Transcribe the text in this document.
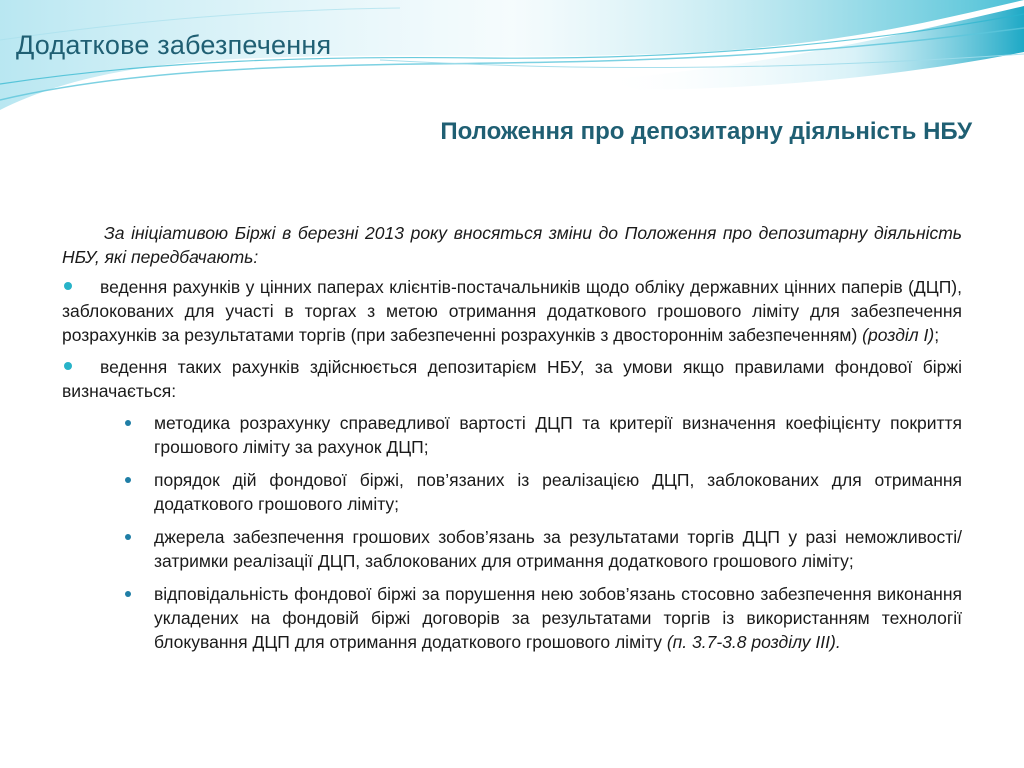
Додаткове забезпечення
Положення про депозитарну діяльність НБУ

За ініціативою Біржі в березні 2013 року вносяться зміни до Положення про депозитарну діяльність НБУ, які передбачають:

ведення рахунків у цінних паперах клієнтів-постачальників щодо обліку державних цінних паперів (ДЦП), заблокованих для участі в торгах з метою отримання додаткового грошового ліміту для забезпечення розрахунків за результатами торгів (при забезпеченні розрахунків з двостороннім забезпеченням) (розділ І);
ведення таких рахунків здійснюється депозитарієм НБУ, за умови якщо правилами фондової біржі визначається:
методика розрахунку справедливої вартості ДЦП та критерії визначення коефіцієнту покриття грошового ліміту за рахунок ДЦП;
порядок дій фондової біржі, пов’язаних із реалізацією ДЦП, заблокованих для отримання додаткового грошового ліміту;
джерела забезпечення грошових зобов’язань за результатами торгів ДЦП у разі неможливості/затримки реалізації ДЦП, заблокованих для отримання додаткового грошового ліміту;
відповідальність фондової біржі за порушення нею зобов’язань стосовно забезпечення виконання укладених на фондовій біржі договорів за результатами торгів із використанням технології блокування ДЦП для отримання додаткового грошового ліміту (п. 3.7-3.8 розділу ІІІ).
